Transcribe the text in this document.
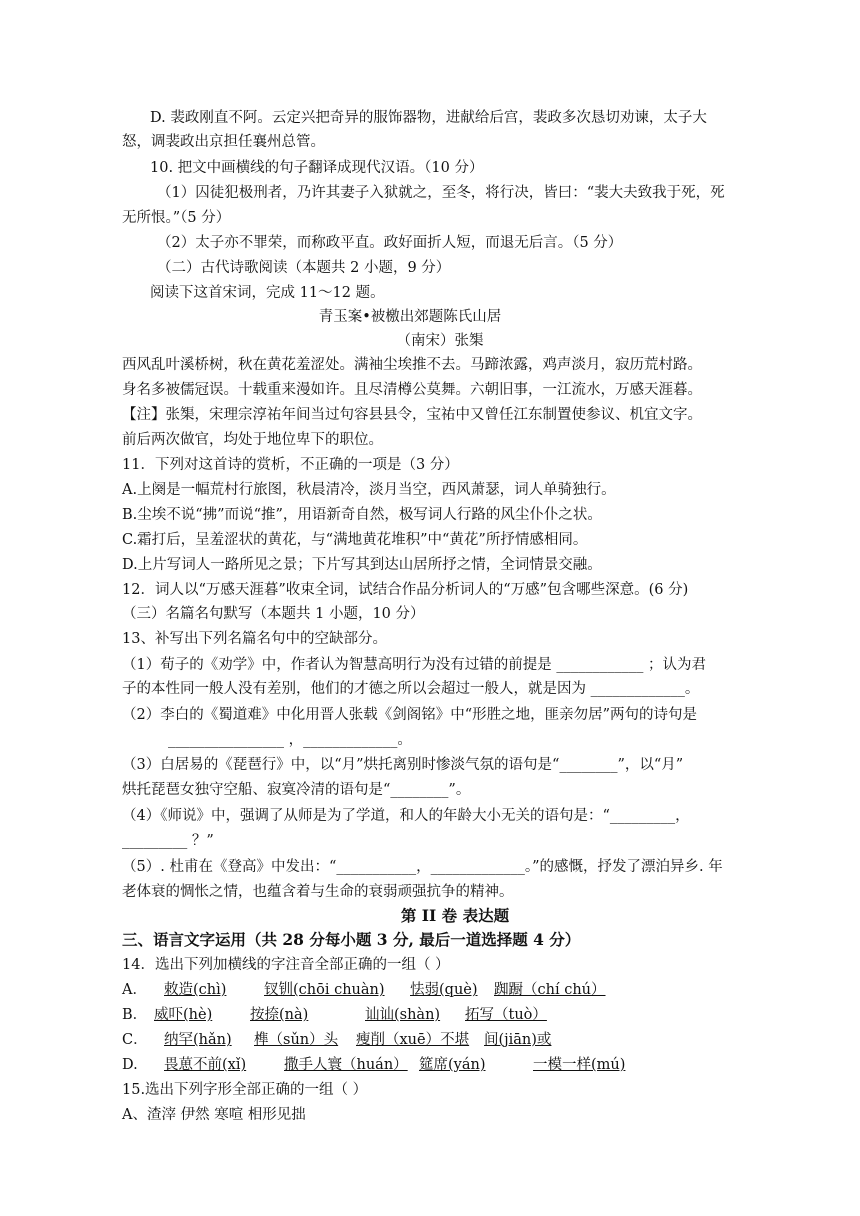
D. 裴政刚直不阿。云定兴把奇异的服饰器物，进献给后宫，裴政多次恳切劝谏，太子大
怒，调裴政出京担任襄州总管。
10. 把文中画横线的句子翻译成现代汉语。（10 分）
（1）囚徒犯极刑者，乃许其妻子入狱就之，至冬，将行决，皆曰：“裴大夫致我于死，死
无所恨。”（5 分）
（2）太子亦不罪荣，而称政平直。政好面折人短，而退无后言。（5 分）
（二）古代诗歌阅读（本题共 2 小题，9 分）
阅读下这首宋词，完成 11～12 题。
青玉案•被檄出郊题陈氏山居
（南宋）张榘
西风乱叶溪桥树，秋在黄花羞涩处。满袖尘埃推不去。马蹄浓露，鸡声淡月，寂历荒村路。
身名多被儒冠误。十载重来漫如许。且尽清樽公莫舞。六朝旧事，一江流水，万感天涯暮。
【注】张榘，宋理宗淳祐年间当过句容县县令，宝祐中又曾任江东制置使参议、机宜文字。
前后两次做官，均处于地位卑下的职位。
11．下列对这首诗的赏析，不正确的一项是（3 分）
A.上阕是一幅荒村行旅图，秋晨清冷，淡月当空，西风萧瑟，词人单骑独行。
B.尘埃不说“拂”而说“推”，用语新奇自然，极写词人行路的风尘仆仆之状。
C.霜打后，呈羞涩状的黄花，与“满地黄花堆积”中“黄花”所抒情感相同。
D.上片写词人一路所见之景；下片写其到达山居所抒之情，全词情景交融。
12．词人以“万感天涯暮”收束全词，试结合作品分析词人的“万感”包含哪些深意。(6 分)
（三）名篇名句默写（本题共 1 小题，10 分）
13、补写出下列名篇名句中的空缺部分。
（1）荀子的《劝学》中，作者认为智慧高明行为没有过错的前提是 ____________ ；认为君
子的本性同一般人没有差别，他们的才德之所以会超过一般人，就是因为 _____________。
（2）李白的《蜀道难》中化用晋人张载《剑阁铭》中“形胜之地，匪亲勿居”两句的诗句是
________________ ，_____________。
（3）白居易的《琵琶行》中，以“月”烘托离别时惨淡气氛的语句是“________”，以“月”
烘托琵琶女独守空船、寂寞冷清的语句是“________”。
（4）《师说》中，强调了从师是为了学道，和人的年龄大小无关的语句是：“_________，
_________ ？”
（5）. 杜甫在《登高》中发出：“___________，_____________。”的感慨，抒发了漂泊异乡. 年
老体衰的惆怅之情，也蕴含着与生命的衰弱顽强抗争的精神。
第 II 卷 表达题
三、语言文字运用（共 28 分每小题 3 分, 最后一道选择题 4 分）
14．选出下列加横线的字注音全部正确的一组（ ）
A． 敕造(chì)	钗钏(chōi chuàn) 怯弱(què) 踟蹰（chí chú）
B． 威吓(hè)	按捺(nà)	讪讪(shàn) 拓写（tuò）
C． 纳罕(hǎn) 榫（sǔn）头 瘦削（xuē）不堪 间(jiān)或
D. 畏葸不前(xǐ)	撒手人寰（huán） 筵席(yán)	一模一样(mú)
15.选出下列字形全部正确的一组（ ）
A、渣滓 伊然 寒喧 相形见拙
